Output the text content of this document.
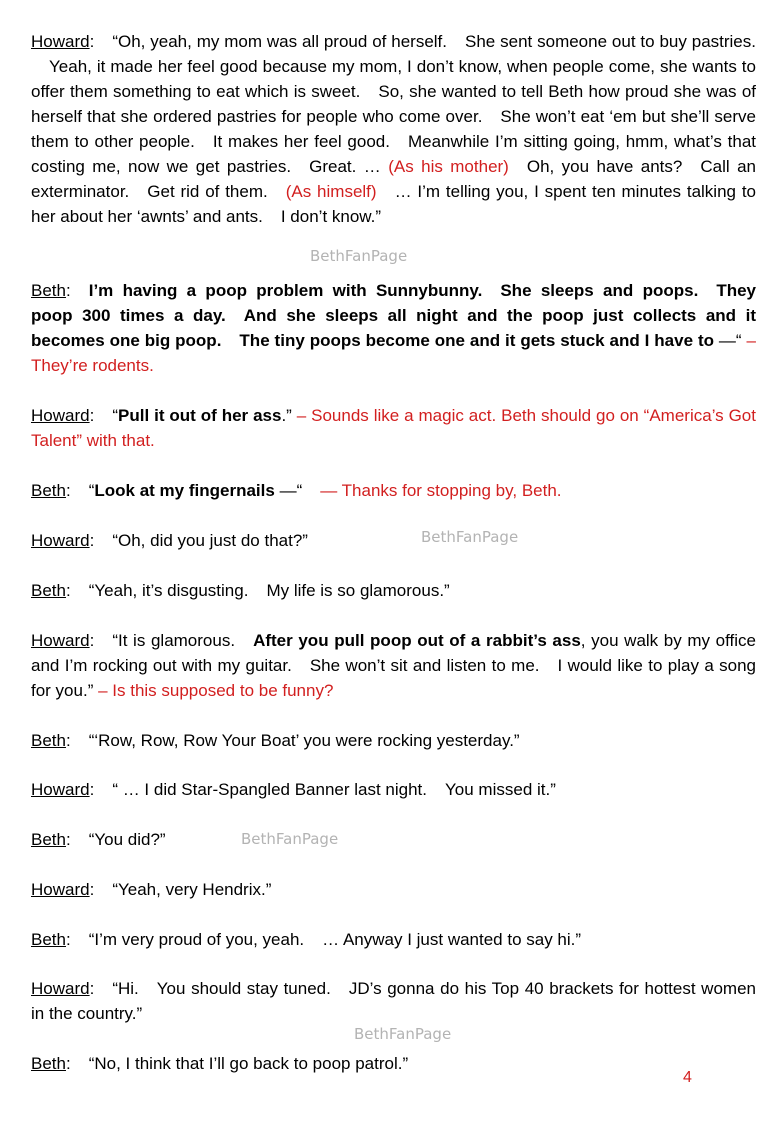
Howard: “Oh, yeah, my mom was all proud of herself. She sent someone out to buy pastries.Yeah, it made her feel good because my mom, I don’t know, when people come, she wants to offer them something to eat which is sweet. So, she wanted to tell Beth how proud she was of herself that she ordered pastries for people who come over. She won’t eat ‘em but she’ll serve them to other people. It makes her feel good. Meanwhile I’m sitting going, hmm, what’s that costing me, now we get pastries. Great. … (As his mother) Oh, you have ants? Call an exterminator. Get rid of them. (As himself) … I’m telling you, I spent ten minutes talking to her about her ‘awnts’ and ants. I don’t know.”

Beth: I’m having a poop problem with Sunnybunny. She sleeps and poops. They poop 300 times a day. And she sleeps all night and the poop just collects and it becomes one big poop. The tiny poops become one and it gets stuck and I have to —“ – They’re rodents.

Howard: “Pull it out of her ass.” – Sounds like a magic act. Beth should go on “America’s Got Talent” with that.

Beth: “Look at my fingernails —“ — Thanks for stopping by, Beth.

Howard: “Oh, did you just do that?”

Beth: “Yeah, it’s disgusting. My life is so glamorous.”

Howard: “It is glamorous. After you pull poop out of a rabbit’s ass, you walk by my office and I’m rocking out with my guitar. She won’t sit and listen to me. I would like to play a song for you.” – Is this supposed to be funny?

Beth: “‘Row, Row, Row Your Boat’ you were rocking yesterday.”

Howard: “ … I did Star-Spangled Banner last night. You missed it.”

Beth: “You did?”

Howard: “Yeah, very Hendrix.”

Beth: “I’m very proud of you, yeah. … Anyway I just wanted to say hi.”

Howard: “Hi. You should stay tuned. JD’s gonna do his Top 40 brackets for hottest women in the country.”

Beth: “No, I think that I’ll go back to poop patrol.”

BethFanPage
BethFanPage
BethFanPage
BethFanPage
4
